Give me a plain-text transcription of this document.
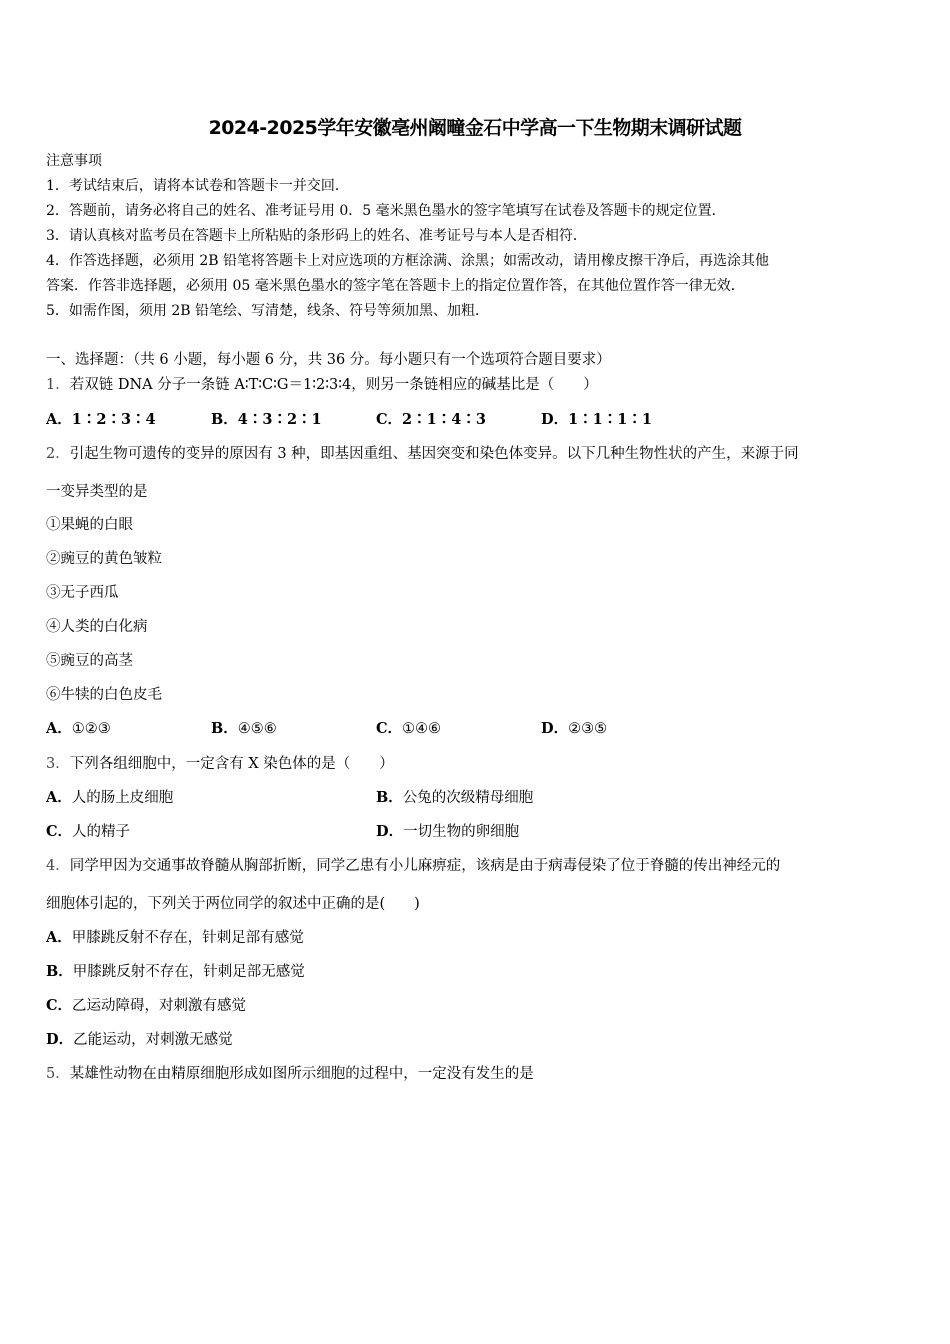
2024-2025学年安徽亳州阚疃金石中学高一下生物期末调研试题
注意事项
1．考试结束后，请将本试卷和答题卡一并交回．
2．答题前，请务必将自己的姓名、准考证号用 0．5 毫米黑色墨水的签字笔填写在试卷及答题卡的规定位置．
3．请认真核对监考员在答题卡上所粘贴的条形码上的姓名、准考证号与本人是否相符．
4．作答选择题，必须用 2B 铅笔将答题卡上对应选项的方框涂满、涂黑；如需改动，请用橡皮擦干净后，再选涂其他
答案．作答非选择题，必须用 05 毫米黑色墨水的签字笔在答题卡上的指定位置作答，在其他位置作答一律无效．
5．如需作图，须用 2B 铅笔绘、写清楚，线条、符号等须加黑、加粗．
一、选择题：（共 6 小题，每小题 6 分，共 36 分。每小题只有一个选项符合题目要求）
1．若双链 DNA 分子一条链 A∶T∶C∶G＝1∶2∶3∶4，则另一条链相应的碱基比是（　　）
A．1∶2∶3∶4	B．4∶3∶2∶1	C．2∶1∶4∶3	D．1∶1∶1∶1
2．引起生物可遗传的变异的原因有 3 种，即基因重组、基因突变和染色体变异。以下几种生物性状的产生，来源于同
一变异类型的是
①果蝇的白眼
②豌豆的黄色皱粒
③无子西瓜
④人类的白化病
⑤豌豆的高茎
⑥牛犊的白色皮毛
A．①②③	B．④⑤⑥	C．①④⑥	D．②③⑤
3．下列各组细胞中，一定含有 X 染色体的是（　　）
A．人的肠上皮细胞	B．公兔的次级精母细胞
C．人的精子	D．一切生物的卵细胞
4．同学甲因为交通事故脊髓从胸部折断，同学乙患有小儿麻痹症，该病是由于病毒侵染了位于脊髓的传出神经元的
细胞体引起的，下列关于两位同学的叙述中正确的是(　　)
A．甲膝跳反射不存在，针刺足部有感觉
B．甲膝跳反射不存在，针刺足部无感觉
C．乙运动障碍，对刺激有感觉
D．乙能运动，对刺激无感觉
5．某雄性动物在由精原细胞形成如图所示细胞的过程中，一定没有发生的是
